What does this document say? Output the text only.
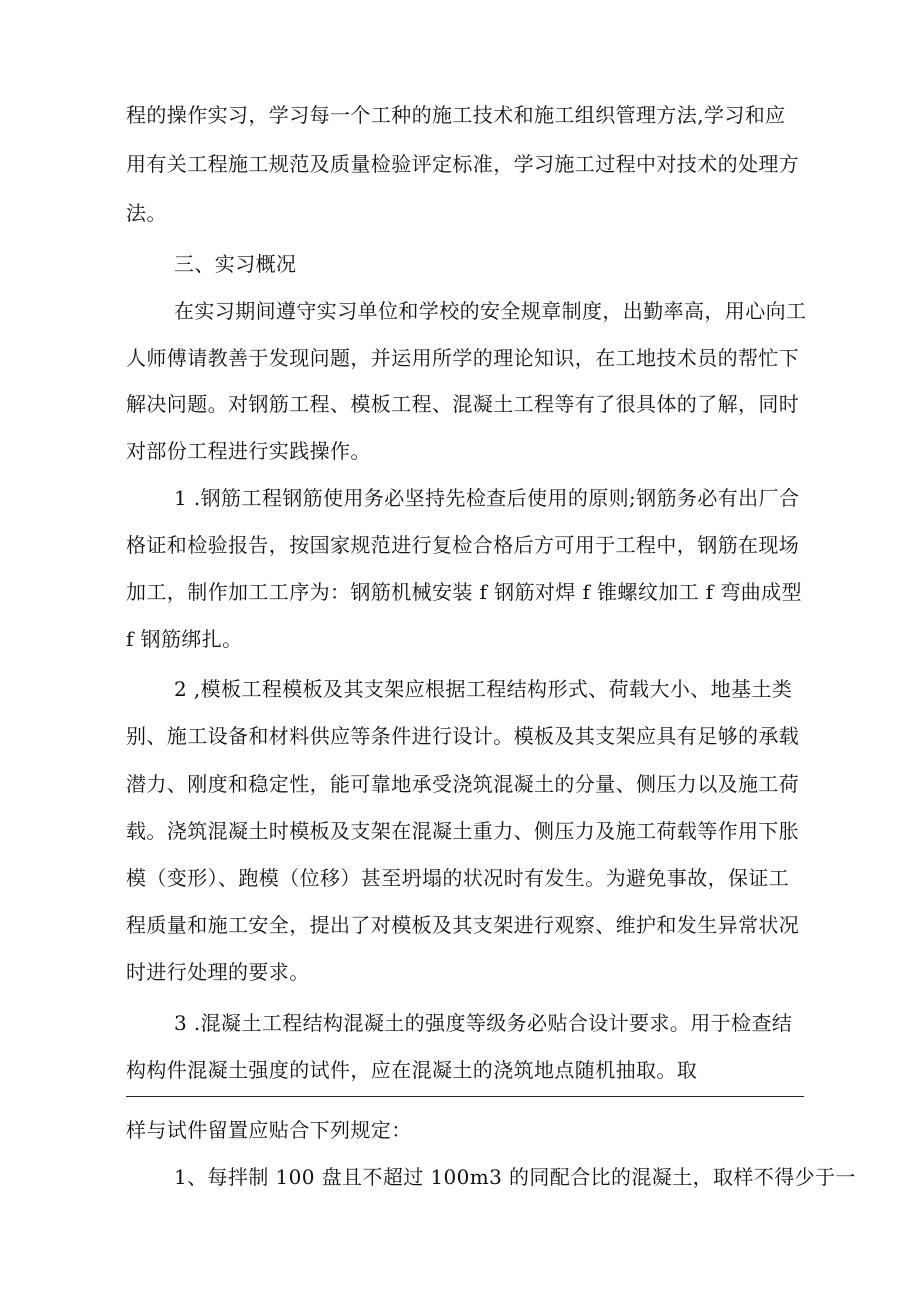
程的操作实习，学习每一个工种的施工技术和施工组织管理方法,学习和应
用有关工程施工规范及质量检验评定标准，学习施工过程中对技术的处理方
法。
三、实习概况
在实习期间遵守实习单位和学校的安全规章制度，出勤率高，用心向工
人师傅请教善于发现问题，并运用所学的理论知识，在工地技术员的帮忙下
解决问题。对钢筋工程、模板工程、混凝土工程等有了很具体的了解，同时
对部份工程进行实践操作。
1 .钢筋工程钢筋使用务必坚持先检查后使用的原则;钢筋务必有出厂合
格证和检验报告，按国家规范进行复检合格后方可用于工程中，钢筋在现场
加工，制作加工工序为：钢筋机械安装 f 钢筋对焊 f 锥螺纹加工 f 弯曲成型
f 钢筋绑扎。
2 ,模板工程模板及其支架应根据工程结构形式、荷载大小、地基土类
别、施工设备和材料供应等条件进行设计。模板及其支架应具有足够的承载
潜力、刚度和稳定性，能可靠地承受浇筑混凝土的分量、侧压力以及施工荷
载。浇筑混凝土时模板及支架在混凝土重力、侧压力及施工荷载等作用下胀
模（变形）、跑模（位移）甚至坍塌的状况时有发生。为避免事故，保证工
程质量和施工安全，提出了对模板及其支架进行观察、维护和发生异常状况
时进行处理的要求。
3 .混凝土工程结构混凝土的强度等级务必贴合设计要求。用于检查结
构构件混凝土强度的试件，应在混凝土的浇筑地点随机抽取。取
样与试件留置应贴合下列规定：
1、每拌制 100 盘且不超过 100m3 的同配合比的混凝土，取样不得少于一
